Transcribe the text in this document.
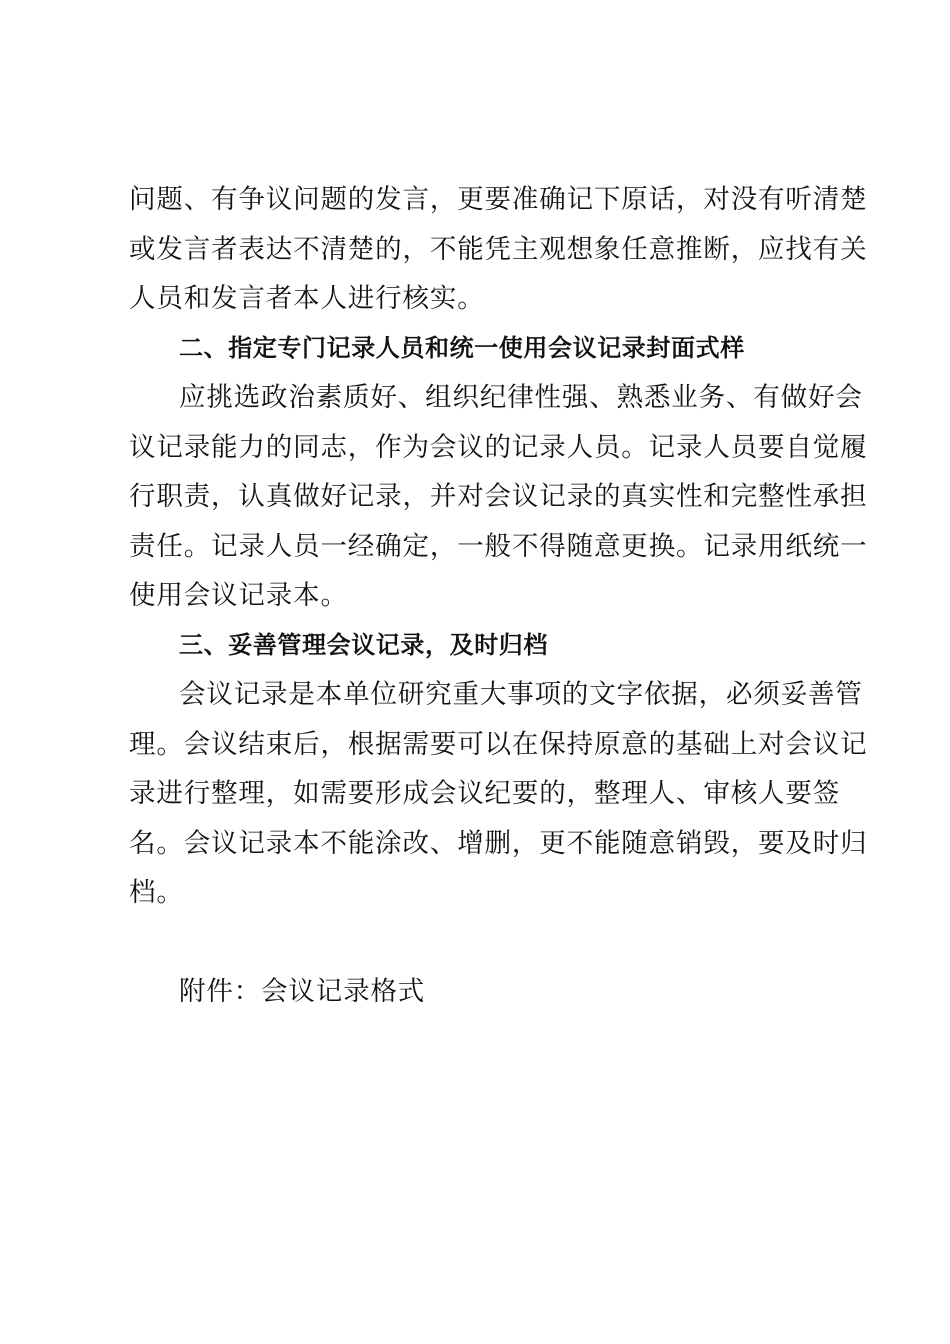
问题、有争议问题的发言，更要准确记下原话，对没有听清楚
或发言者表达不清楚的，不能凭主观想象任意推断，应找有关
人员和发言者本人进行核实。
二、指定专门记录人员和统一使用会议记录封面式样
应挑选政治素质好、组织纪律性强、熟悉业务、有做好会
议记录能力的同志，作为会议的记录人员。记录人员要自觉履
行职责，认真做好记录，并对会议记录的真实性和完整性承担
责任。记录人员一经确定，一般不得随意更换。记录用纸统一
使用会议记录本。
三、妥善管理会议记录，及时归档
会议记录是本单位研究重大事项的文字依据，必须妥善管
理。会议结束后，根据需要可以在保持原意的基础上对会议记
录进行整理，如需要形成会议纪要的，整理人、审核人要签
名。会议记录本不能涂改、增删，更不能随意销毁，要及时归
档。
附件：会议记录格式
